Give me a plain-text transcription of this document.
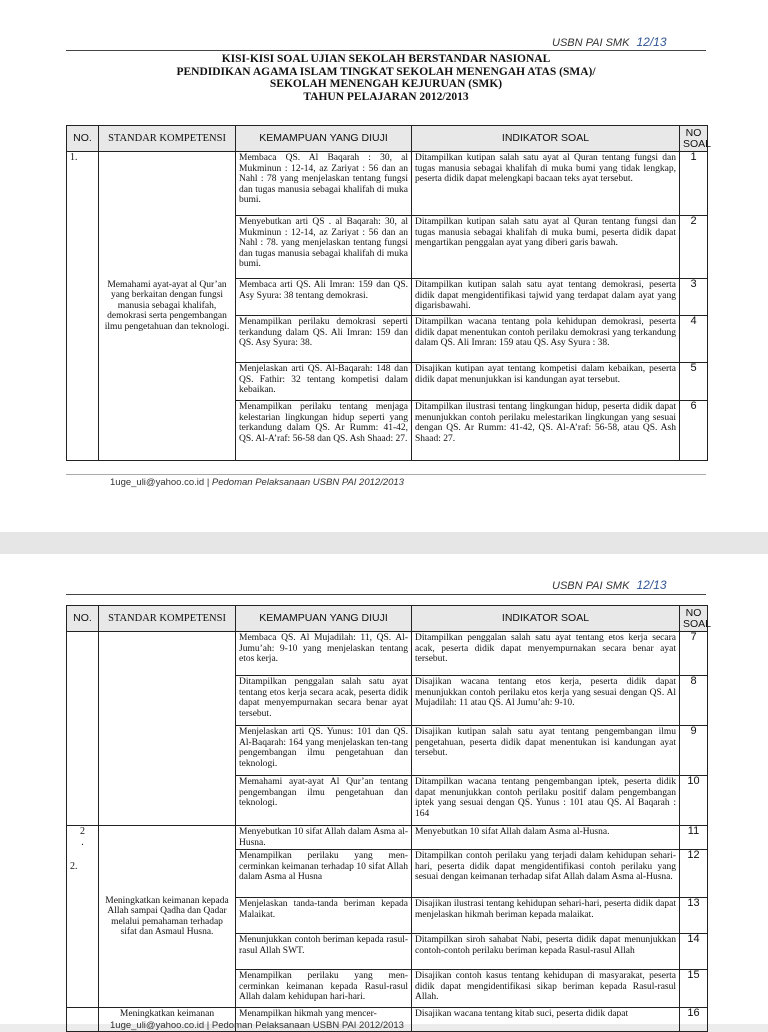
USBN PAI SMK 12/13
KISI-KISI SOAL UJIAN SEKOLAH BERSTANDAR NASIONAL
PENDIDIKAN AGAMA ISLAM TINGKAT SEKOLAH MENENGAH ATAS (SMA)/
SEKOLAH MENENGAH KEJURUAN (SMK)
TAHUN PELAJARAN 2012/2013
NO.	STANDAR KOMPETENSI	KEMAMPUAN YANG DIUJI	INDIKATOR SOAL	NO SOAL
1.	Memahami ayat-ayat al Qur’an yang berkaitan dengan fungsi manusia sebagai khalifah, demokrasi serta pengembangan ilmu pengetahuan dan teknologi.	Membaca QS. Al Baqarah : 30, al Mukminun : 12-14, az Zariyat : 56 dan an Nahl : 78 yang menjelaskan tentang fungsi dan tugas manusia sebagai khalifah di muka bumi.	Ditampilkan kutipan salah satu ayat al Quran tentang fungsi dan tugas manusia sebagai khalifah di muka bumi yang tidak lengkap, peserta didik dapat melengkapi bacaan teks ayat tersebut.	1
		Menyebutkan arti QS . al Baqarah: 30, al Mukminun : 12-14, az Zariyat : 56 dan an Nahl : 78. yang menjelaskan tentang fungsi dan tugas manusia sebagai khalifah di muka bumi.	Ditampilkan kutipan salah satu ayat al Quran tentang fungsi dan tugas manusia sebagai khalifah di muka bumi, peserta didik dapat mengartikan penggalan ayat yang diberi garis bawah.	2
		Membaca arti QS. Ali Imran: 159 dan QS. Asy Syura: 38 tentang demokrasi.	Ditampilkan kutipan salah satu ayat tentang demokrasi, peserta didik dapat mengidentifikasi tajwid yang terdapat dalam ayat yang digarisbawahi.	3
		Menampilkan perilaku demokrasi seperti terkandung dalam QS. Ali Imran: 159 dan QS. Asy Syura: 38.	Ditampilkan wacana tentang pola kehidupan demokrasi, peserta didik dapat menentukan contoh perilaku demokrasi yang terkandung dalam QS. Ali Imran: 159 atau QS. Asy Syura : 38.	4
		Menjelaskan arti QS. Al-Baqarah: 148 dan QS. Fathir: 32 tentang kompetisi dalam kebaikan.	Disajikan kutipan ayat tentang kompetisi dalam kebaikan, peserta didik dapat menunjukkan isi kandungan ayat tersebut.	5
		Menampilkan perilaku tentang menjaga kelestarian lingkungan hidup seperti yang terkandung dalam QS. Ar Rumm: 41-42, QS. Al-A’raf: 56-58 dan QS. Ash Shaad: 27.	Ditampilkan ilustrasi tentang lingkungan hidup, peserta didik dapat menunjukkan contoh perilaku melestarikan lingkungan yang sesuai dengan QS. Ar Rumm: 41-42, QS. Al-A’raf: 56-58, atau QS. Ash Shaad: 27.	6
1uge_uli@yahoo.co.id | Pedoman Pelaksanaan USBN PAI 2012/2013
USBN PAI SMK 12/13
NO.	STANDAR KOMPETENSI	KEMAMPUAN YANG DIUJI	INDIKATOR SOAL	NO SOAL
		Membaca QS. Al Mujadilah: 11, QS. Al-Jumu’ah: 9-10 yang menjelaskan tentang etos kerja.	Ditampilkan penggalan salah satu ayat tentang etos kerja secara acak, peserta didik dapat menyempurnakan secara benar ayat tersebut.	7
		Ditampilkan penggalan salah satu ayat tentang etos kerja secara acak, peserta didik dapat menyempurnakan secara benar ayat tersebut.	Disajikan wacana tentang etos kerja, peserta didik dapat menunjukkan contoh perilaku etos kerja yang sesuai dengan QS. Al Mujadilah: 11 atau QS. Al Jumu’ah: 9-10.	8
		Menjelaskan arti QS. Yunus: 101 dan QS. Al-Baqarah: 164 yang menjelaskan ten-tang pengembangan ilmu pengetahuan dan teknologi.	Disajikan kutipan salah satu ayat tentang pengembangan ilmu pengetahuan, peserta didik dapat menentukan isi kandungan ayat tersebut.	9
		Memahami ayat-ayat Al Qur’an tentang pengembangan ilmu pengetahuan dan teknologi.	Ditampilkan wacana tentang pengembangan iptek, peserta didik dapat menunjukkan contoh perilaku positif dalam pengembangan iptek yang sesuai dengan QS. Yunus : 101 atau QS. Al Baqarah : 164	10

2
.
2.	Meningkatkan keimanan kepada Allah sampai Qadha dan Qadar melalui pemahaman terhadap sifat dan Asmaul Husna.	Menyebutkan 10 sifat Allah dalam Asma al-Husna.	Menyebutkan 10 sifat Allah dalam Asma al-Husna.	11
		Menampilkan perilaku yang men-cerminkan keimanan terhadap 10 sifat Allah dalam Asma al Husna	Ditampilkan contoh perilaku yang terjadi dalam kehidupan sehari-hari, peserta didik dapat mengidentifikasi contoh perilaku yang sesuai dengan keimanan terhadap sifat Allah dalam Asma al-Husna.	12
		Menjelaskan tanda-tanda beriman kepada Malaikat.	Disajikan ilustrasi tentang kehidupan sehari-hari, peserta didik dapat menjelaskan hikmah beriman kepada malaikat.	13
		Menunjukkan contoh beriman kepada rasul-rasul Allah SWT.	Ditampilkan siroh sahabat Nabi, peserta didik dapat menunjukkan contoh-contoh perilaku beriman kepada Rasul-rasul Allah	14
		Menampilkan perilaku yang men-cerminkan keimanan kepada Rasul-rasul Allah dalam kehidupan hari-hari.	Disajikan contoh kasus tentang kehidupan di masyarakat, peserta didik dapat mengidentifikasi sikap beriman kepada Rasul-rasul Allah.	15
	Meningkatkan keimanan	Menampilkan hikmah yang mencer-	Disajikan wacana tentang kitab suci, peserta didik dapat	16
1uge_uli@yahoo.co.id | Pedoman Pelaksanaan USBN PAI 2012/2013
